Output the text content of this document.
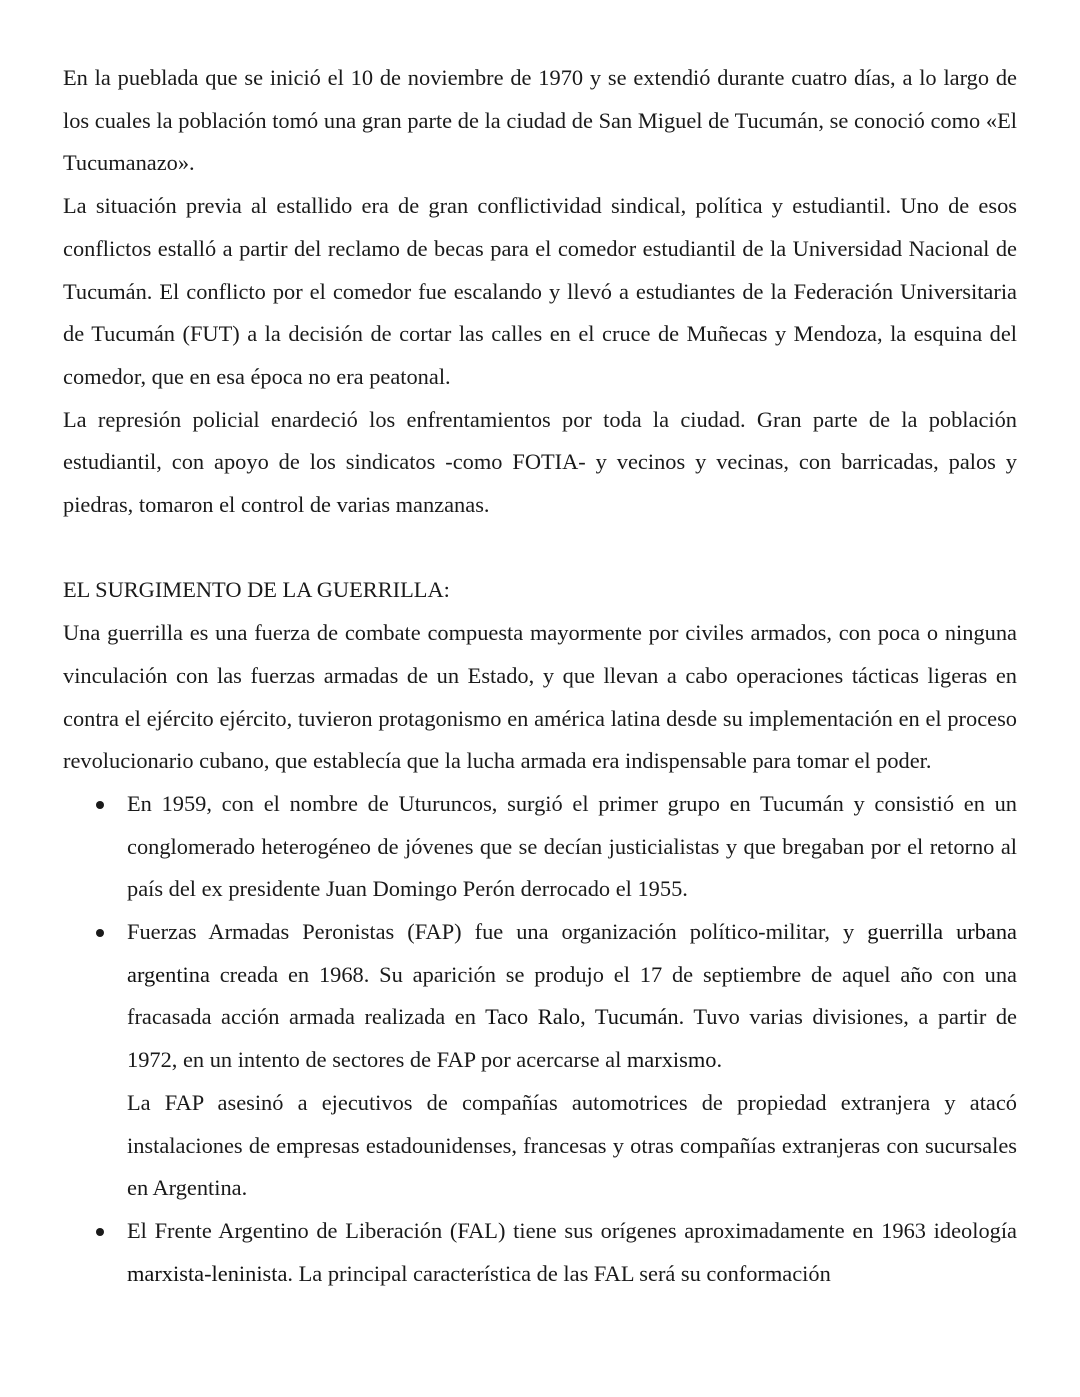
En la pueblada que se inició el 10 de noviembre de 1970 y se extendió durante cuatro días, a lo largo de los cuales la población tomó una gran parte de la ciudad de San Miguel de Tucumán, se conoció como «El Tucumanazo».

La situación previa al estallido era de gran conflictividad sindical, política y estudiantil. Uno de esos conflictos estalló a partir del reclamo de becas para el comedor estudiantil de la Universidad Nacional de Tucumán. El conflicto por el comedor fue escalando y llevó a estudiantes de la Federación Universitaria de Tucumán (FUT) a la decisión de cortar las calles en el cruce de Muñecas y Mendoza, la esquina del comedor, que en esa época no era peatonal.

La represión policial enardeció los enfrentamientos por toda la ciudad. Gran parte de la población estudiantil, con apoyo de los sindicatos -como FOTIA- y vecinos y vecinas, con barricadas, palos y piedras, tomaron el control de varias manzanas.

EL SURGIMENTO DE LA GUERRILLA:

Una guerrilla es una fuerza de combate compuesta mayormente por civiles armados, con poca o ninguna vinculación con las fuerzas armadas de un Estado, y que llevan a cabo operaciones tácticas ligeras en contra el ejército ejército, tuvieron protagonismo en américa latina desde su implementación en el proceso revolucionario cubano, que establecía que la lucha armada era indispensable para tomar el poder.

En 1959, con el nombre de Uturuncos, surgió el primer grupo en Tucumán y consistió en un conglomerado heterogéneo de jóvenes que se decían justicialistas y que bregaban por el retorno al país del ex presidente Juan Domingo Perón derrocado el 1955.
Fuerzas Armadas Peronistas (FAP) fue una organización político-militar, y guerrilla urbana argentina creada en 1968. Su aparición se produjo el 17 de septiembre de aquel año con una fracasada acción armada realizada en Taco Ralo, Tucumán. Tuvo varias divisiones, a partir de 1972, en un intento de sectores de FAP por acercarse al marxismo.
La FAP asesinó a ejecutivos de compañías automotrices de propiedad extranjera y atacó instalaciones de empresas estadounidenses, francesas y otras compañías extranjeras con sucursales en Argentina.
El Frente Argentino de Liberación (FAL) tiene sus orígenes aproximadamente en 1963 ideología marxista-leninista. La principal característica de las FAL será su conformación
